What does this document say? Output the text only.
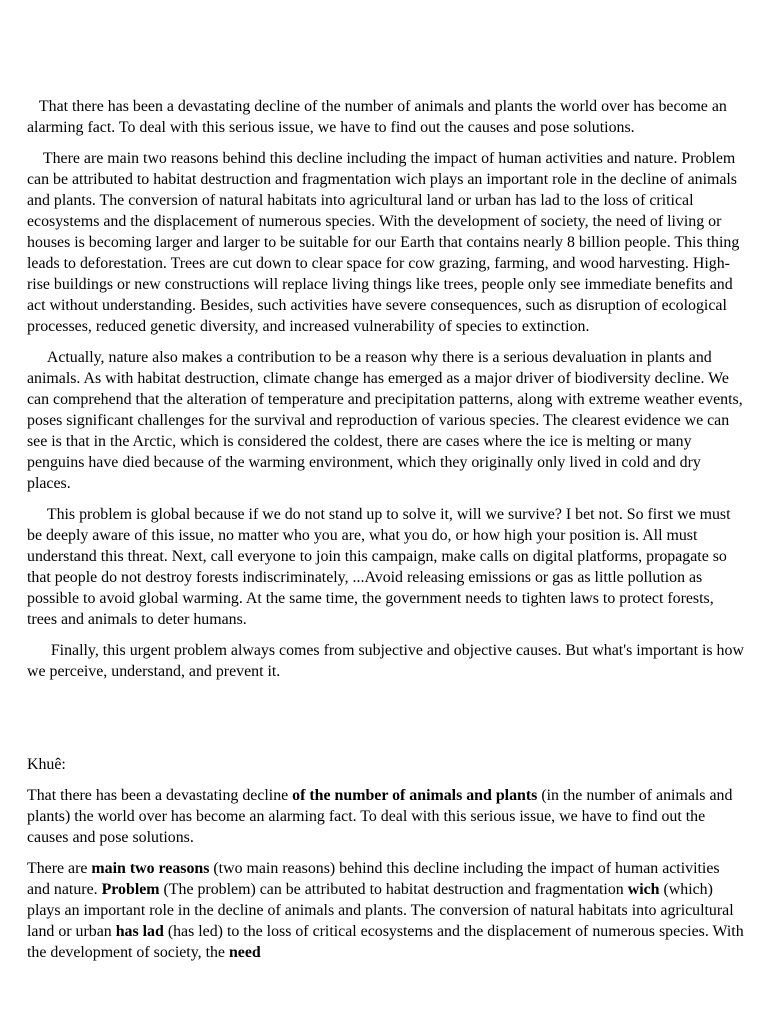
That there has been a devastating decline of the number of animals and plants the world over has become an alarming fact. To deal with this serious issue, we have to find out the causes and pose solutions.

There are main two reasons behind this decline including the impact of human activities and nature. Problem can be attributed to habitat destruction and fragmentation wich plays an important role in the decline of animals and plants. The conversion of natural habitats into agricultural land or urban has lad to the loss of critical ecosystems and the displacement of numerous species. With the development of society, the need of living or houses is becoming larger and larger to be suitable for our Earth that contains nearly 8 billion people. This thing leads to deforestation. Trees are cut down to clear space for cow grazing, farming, and wood harvesting. High-rise buildings or new constructions will replace living things like trees, people only see immediate benefits and act without understanding. Besides, such activities have severe consequences, such as disruption of ecological processes, reduced genetic diversity, and increased vulnerability of species to extinction.

Actually, nature also makes a contribution to be a reason why there is a serious devaluation in plants and animals. As with habitat destruction, climate change has emerged as a major driver of biodiversity decline. We can comprehend that the alteration of temperature and precipitation patterns, along with extreme weather events, poses significant challenges for the survival and reproduction of various species. The clearest evidence we can see is that in the Arctic, which is considered the coldest, there are cases where the ice is melting or many penguins have died because of the warming environment, which they originally only lived in cold and dry places.

This problem is global because if we do not stand up to solve it, will we survive? I bet not. So first we must be deeply aware of this issue, no matter who you are, what you do, or how high your position is. All must understand this threat. Next, call everyone to join this campaign, make calls on digital platforms, propagate so that people do not destroy forests indiscriminately, ...Avoid releasing emissions or gas as little pollution as possible to avoid global warming. At the same time, the government needs to tighten laws to protect forests, trees and animals to deter humans.

Finally, this urgent problem always comes from subjective and objective causes. But what's important is how we perceive, understand, and prevent it.

Khuê:

That there has been a devastating decline of the number of animals and plants (in the number of animals and plants) the world over has become an alarming fact. To deal with this serious issue, we have to find out the causes and pose solutions.

There are main two reasons (two main reasons) behind this decline including the impact of human activities and nature. Problem (The problem) can be attributed to habitat destruction and fragmentation wich (which) plays an important role in the decline of animals and plants. The conversion of natural habitats into agricultural land or urban has lad (has led) to the loss of critical ecosystems and the displacement of numerous species. With the development of society, the need
